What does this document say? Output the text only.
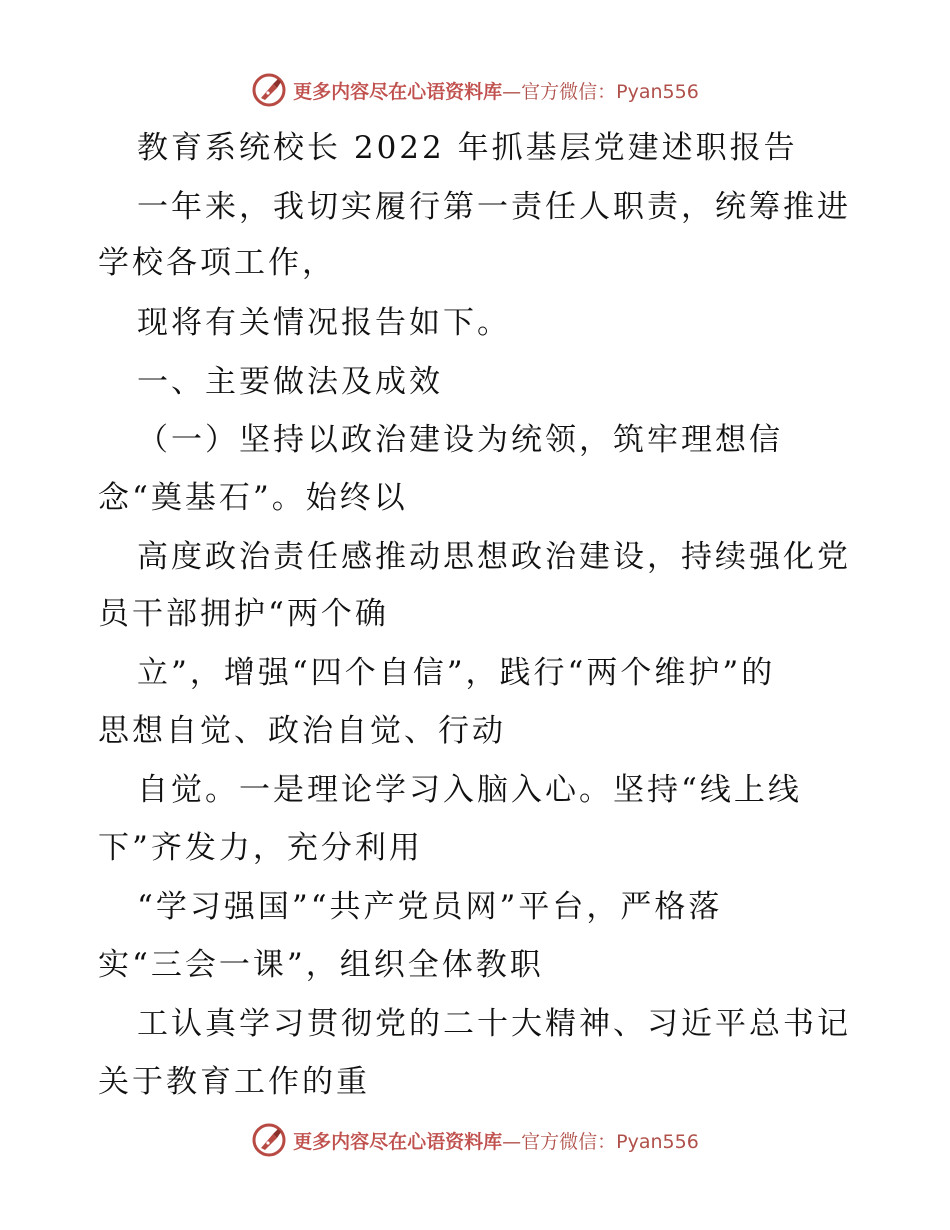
更多内容尽在心语资料库—官方微信：Pyan556
教育系统校长 2022 年抓基层党建述职报告
一年来，我切实履行第一责任人职责，统筹推进
学校各项工作，
现将有关情况报告如下。
一、主要做法及成效
（一）坚持以政治建设为统领，筑牢理想信
念“奠基石”。始终以
高度政治责任感推动思想政治建设，持续强化党
员干部拥护“两个确
立”，增强“四个自信”，践行“两个维护”的
思想自觉、政治自觉、行动
自觉。一是理论学习入脑入心。坚持“线上线
下”齐发力，充分利用
“学习强国”“共产党员网”平台，严格落
实“三会一课”，组织全体教职
工认真学习贯彻党的二十大精神、习近平总书记
关于教育工作的重
更多内容尽在心语资料库—官方微信：Pyan556
